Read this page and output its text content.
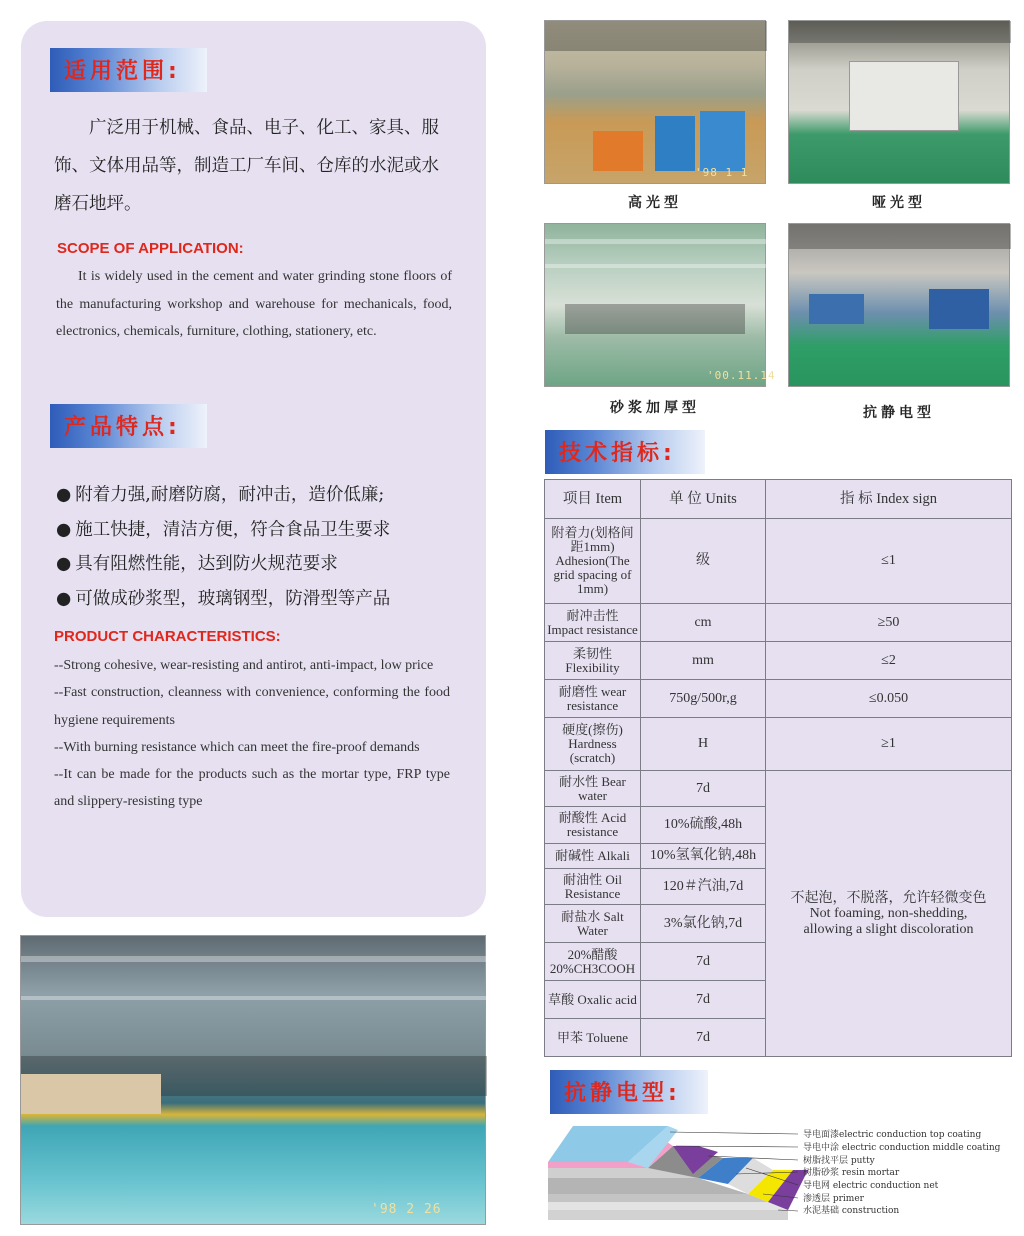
适用范围:
广泛用于机械、食品、电子、化工、家具、服饰、文体用品等，制造工厂车间、仓库的水泥或水磨石地坪。
SCOPE OF APPLICATION:
It is widely used in the cement and water grinding stone floors of the manufacturing workshop and warehouse for mechanicals, food, electronics, chemicals, furniture, clothing, stationery, etc.
产品特点:
● 附着力强,耐磨防腐，耐冲击，造价低廉;
● 施工快捷，清洁方便，符合食品卫生要求
● 具有阻燃性能，达到防火规范要求
● 可做成砂浆型，玻璃钢型，防滑型等产品
PRODUCT CHARACTERISTICS:
--Strong cohesive, wear-resisting and antirot, anti-impact, low price
--Fast construction, cleanness with convenience, conforming the food hygiene requirements
--With burning resistance which can meet the fire-proof demands
--It can be made for the products such as the mortar type, FRP type and slippery-resisting type
'98 2 26
'98 1 1
高光型	哑光型
'00.11.14
砂浆加厚型	抗静电型
技术指标:
项目 Item	单 位 Units	指 标 Index sign
附着力(划格间距1mm) Adhesion(The grid spacing of 1mm)	级	≤1
耐冲击性 Impact resistance	cm	≥50
柔韧性 Flexibility	mm	≤2
耐磨性 wear resistance	750g/500r,g	≤0.050
硬度(擦伤) Hardness (scratch)	H	≥1
耐水性 Bear water	7d	不起泡，不脱落，允许轻微变色
Not foaming, non-shedding, allowing a slight discoloration

耐酸性 Acid resistance	10%硫酸,48h	
耐碱性 Alkali	10%氢氧化钠,48h	
耐油性 Oil Resistance	120＃汽油,7d	
耐盐水 Salt Water	3%氯化钠,7d	
20%醋酸 20%CH3COOH	7d	
草酸 Oxalic acid	7d	
甲苯 Toluene	7d	
抗静电型:
导电面漆electric conduction top coating
导电中涂 electric conduction middle coating
树脂找平层 putty
树脂砂浆 resin mortar
导电网 electric conduction net
渗透层 primer
水泥基础 construction
